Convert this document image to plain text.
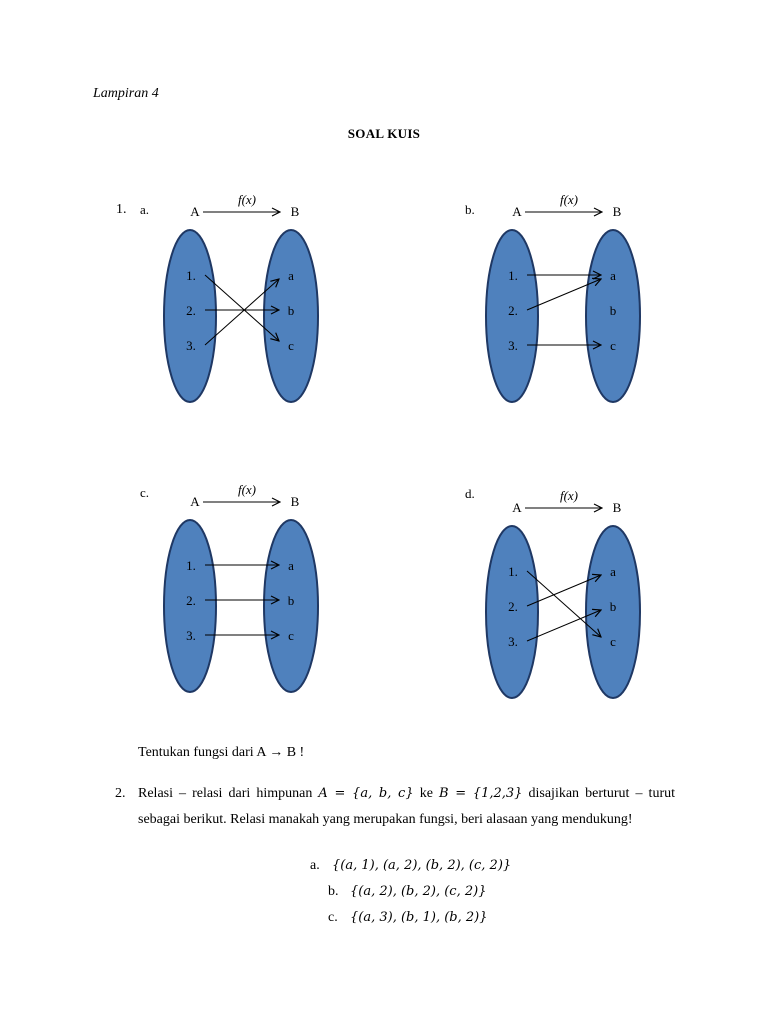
Lampiran 4
SOAL KUIS
1. a.	b.
c.	d.
A	B
f(x)
1.
2.
3.
a
b
c
A	B
f(x)
1.
2.
3.
a
b
c
A	B
f(x)
1.
2.
3.
a
b
c
A	B
f(x)
1.
2.
3.
a
b
c
Tentukan fungsi dari A → B !
2. Relasi – relasi dari himpunan A = {a, b, c} ke B = {1,2,3} disajikan berturut – turut sebagai berikut. Relasi manakah yang merupakan fungsi, beri alasaan yang mendukung!
a. {(a, 1), (a, 2), (b, 2), (c, 2)}
b. {(a, 2), (b, 2), (c, 2)}
c. {(a, 3), (b, 1), (b, 2)}
